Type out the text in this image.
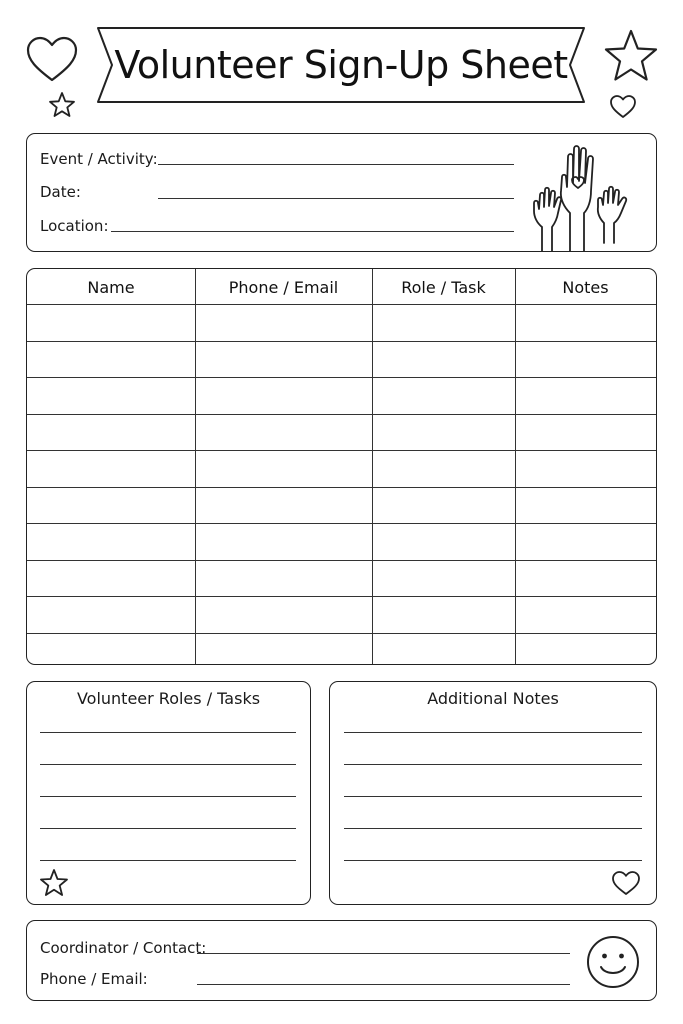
Volunteer Sign-Up Sheet
Event / Activity:
Date:
Location:
Name	Phone / Email	Role / Task	Notes
Volunteer Roles / Tasks	Additional Notes
Coordinator / Contact:
Phone / Email:
